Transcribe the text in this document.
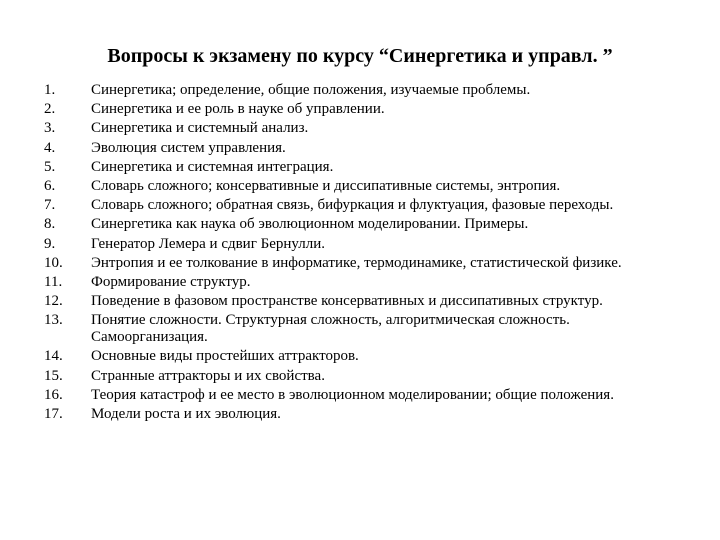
Вопросы к экзамену по курсу “Синергетика и управл. ”
1.	Синергетика; определение, общие положения, изучаемые проблемы.
2.	Синергетика и ее роль в науке об управлении.
3.	Синергетика и системный анализ.
4.	Эволюция систем управления.
5.	Синергетика и системная интеграция.
6.	Словарь сложного; консервативные и диссипативные системы, энтропия.
7.	Словарь сложного; обратная связь, бифуркация и флуктуация, фазовые переходы.
8.	Синергетика как наука об эволюционном моделировании. Примеры.
9.	Генератор Лемера и сдвиг Бернулли.
10.	Энтропия и ее толкование в информатике, термодинамике, статистической физике.
11.	Формирование структур.
12.	Поведение в фазовом пространстве консервативных и диссипативных структур.
13.	Понятие сложности. Структурная сложность, алгоритмическая сложность. Самоорганизация.
14.	Основные виды простейших аттракторов.
15.	Странные аттракторы и их свойства.
16.	Теория катастроф и ее место в эволюционном моделировании; общие положения.
17.	Модели роста и их эволюция.
